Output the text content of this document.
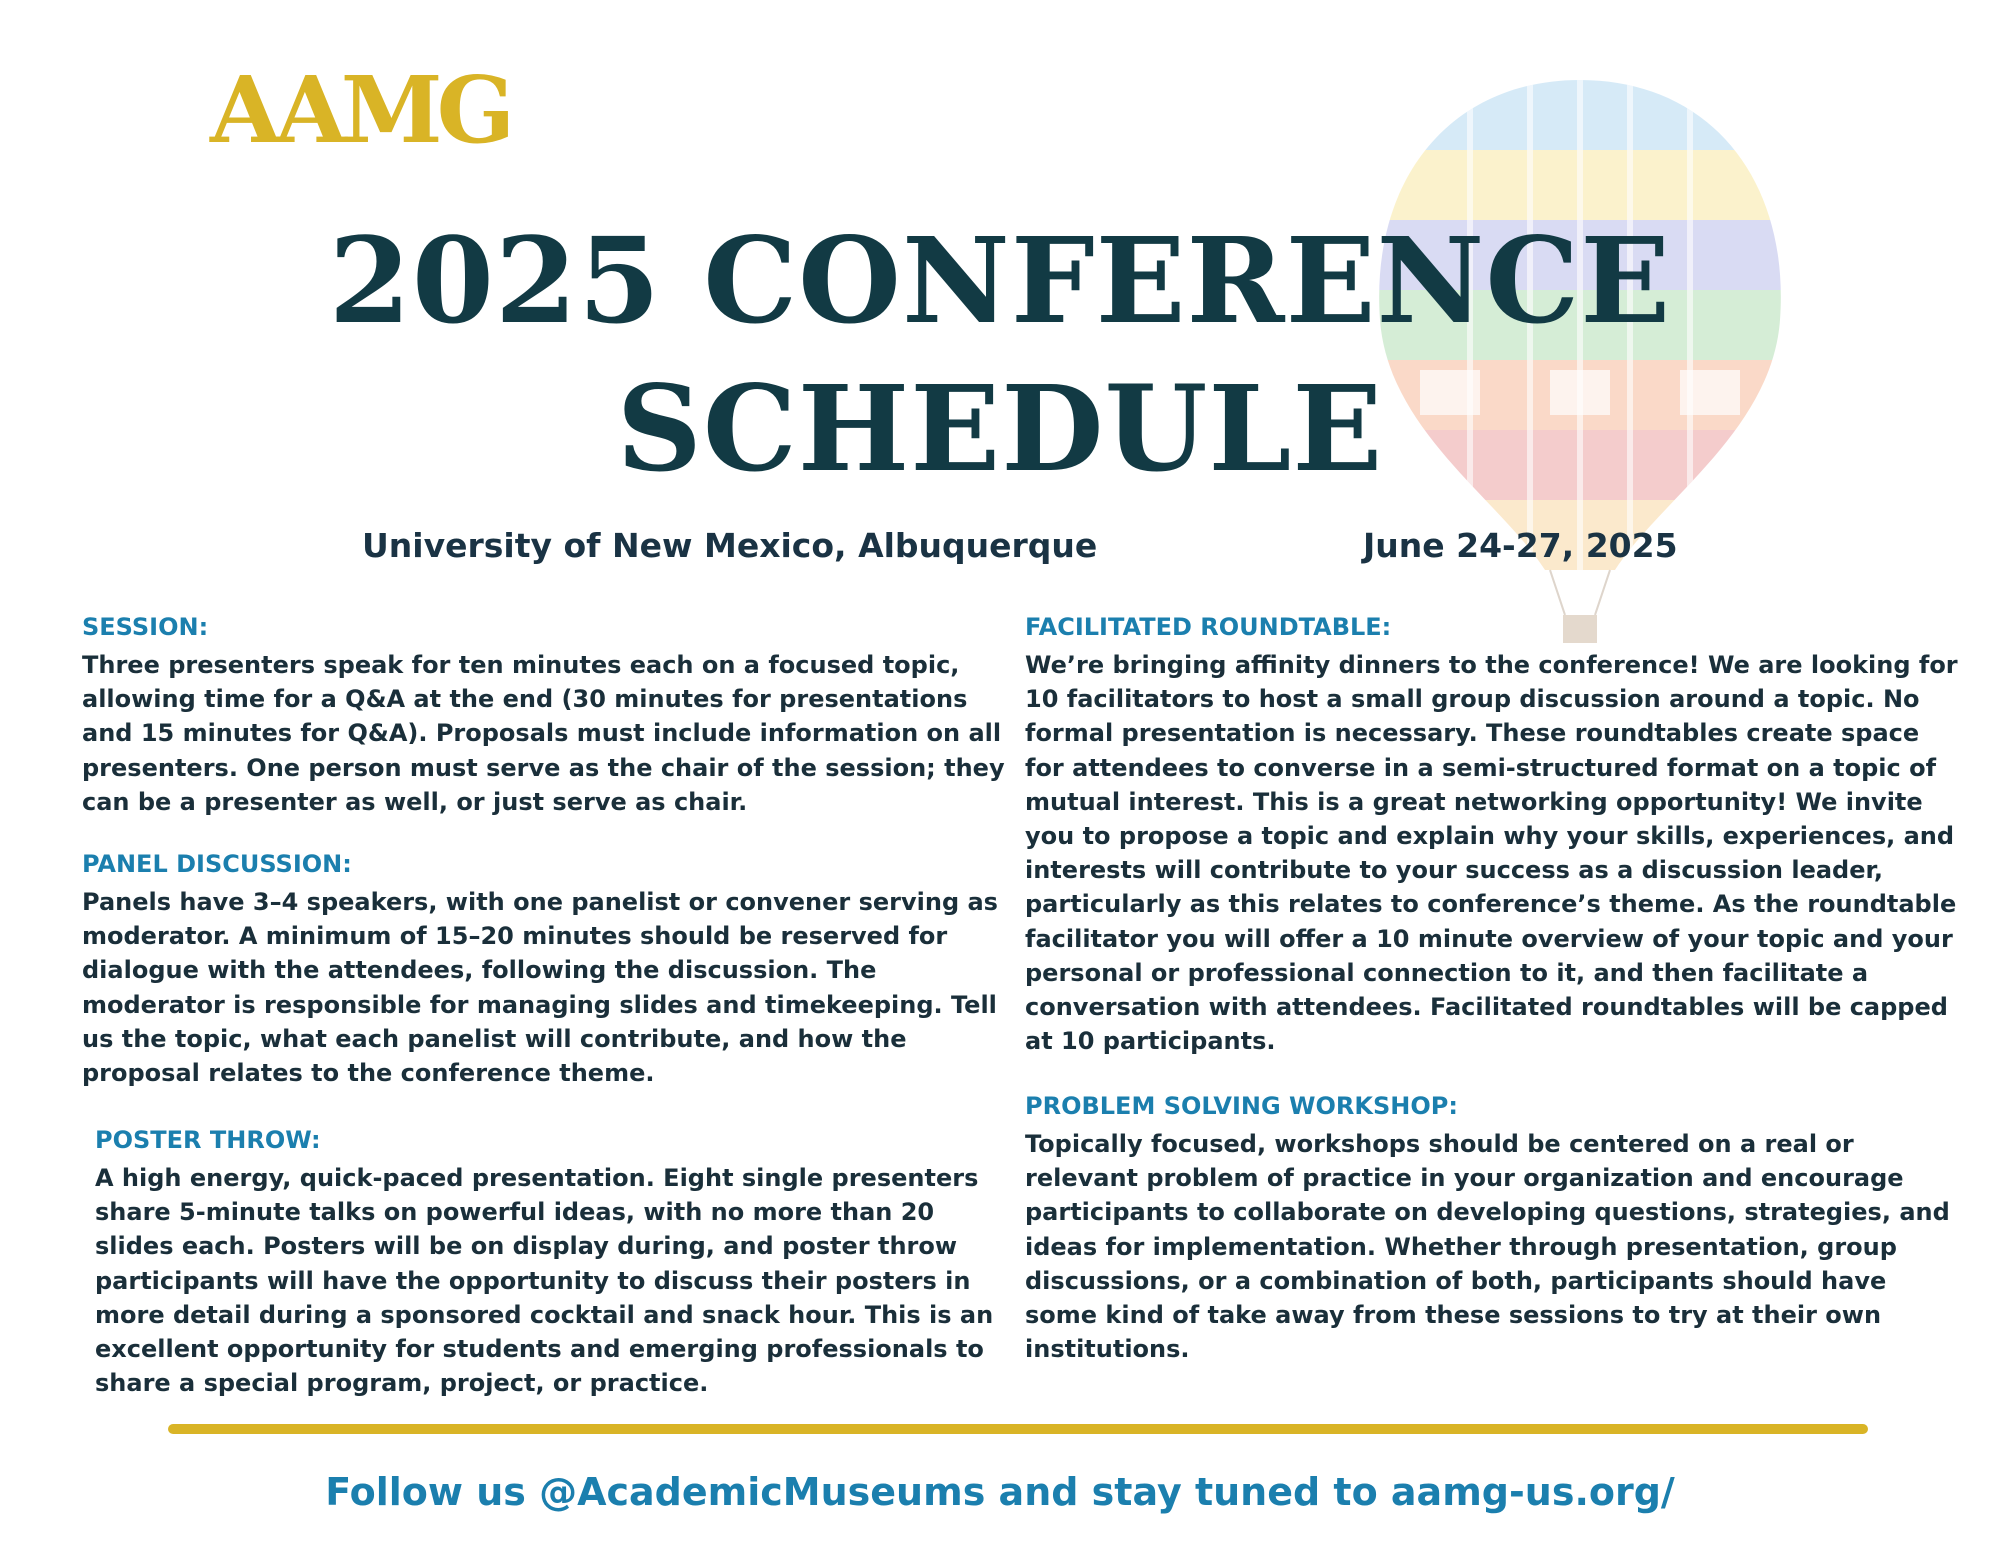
AAMG
2025 CONFERENCE
SCHEDULE
University of New Mexico, Albuquerque	June 24-27, 2025
SESSION:

Three presenters speak for ten minutes each on a focused topic, allowing time for a Q&A at the end (30 minutes for presentations and 15 minutes for Q&A). Proposals must include information on all presenters. One person must serve as the chair of the session; they can be a presenter as well, or just serve as chair.

PANEL DISCUSSION:

Panels have 3–4 speakers, with one panelist or convener serving as moderator. A minimum of 15–20 minutes should be reserved for dialogue with the attendees, following the discussion. The moderator is responsible for managing slides and timekeeping. Tell us the topic, what each panelist will contribute, and how the proposal relates to the conference theme.

POSTER THROW:

A high energy, quick-paced presentation. Eight single presenters share 5-minute talks on powerful ideas, with no more than 20 slides each. Posters will be on display during, and poster throw participants will have the opportunity to discuss their posters in more detail during a sponsored cocktail and snack hour. This is an excellent opportunity for students and emerging professionals to share a special program, project, or practice.

FACILITATED ROUNDTABLE:

We’re bringing affinity dinners to the conference! We are looking for 10 facilitators to host a small group discussion around a topic. No formal presentation is necessary. These roundtables create space for attendees to converse in a semi-structured format on a topic of mutual interest. This is a great networking opportunity! We invite you to propose a topic and explain why your skills, experiences, and interests will contribute to your success as a discussion leader, particularly as this relates to conference’s theme. As the roundtable facilitator you will offer a 10 minute overview of your topic and your personal or professional connection to it, and then facilitate a conversation with attendees. Facilitated roundtables will be capped at 10 participants.

PROBLEM SOLVING WORKSHOP:

Topically focused, workshops should be centered on a real or relevant problem of practice in your organization and encourage participants to collaborate on developing questions, strategies, and ideas for implementation. Whether through presentation, group discussions, or a combination of both, participants should have some kind of take away from these sessions to try at their own institutions.

Follow us @AcademicMuseums and stay tuned to aamg-us.org/
